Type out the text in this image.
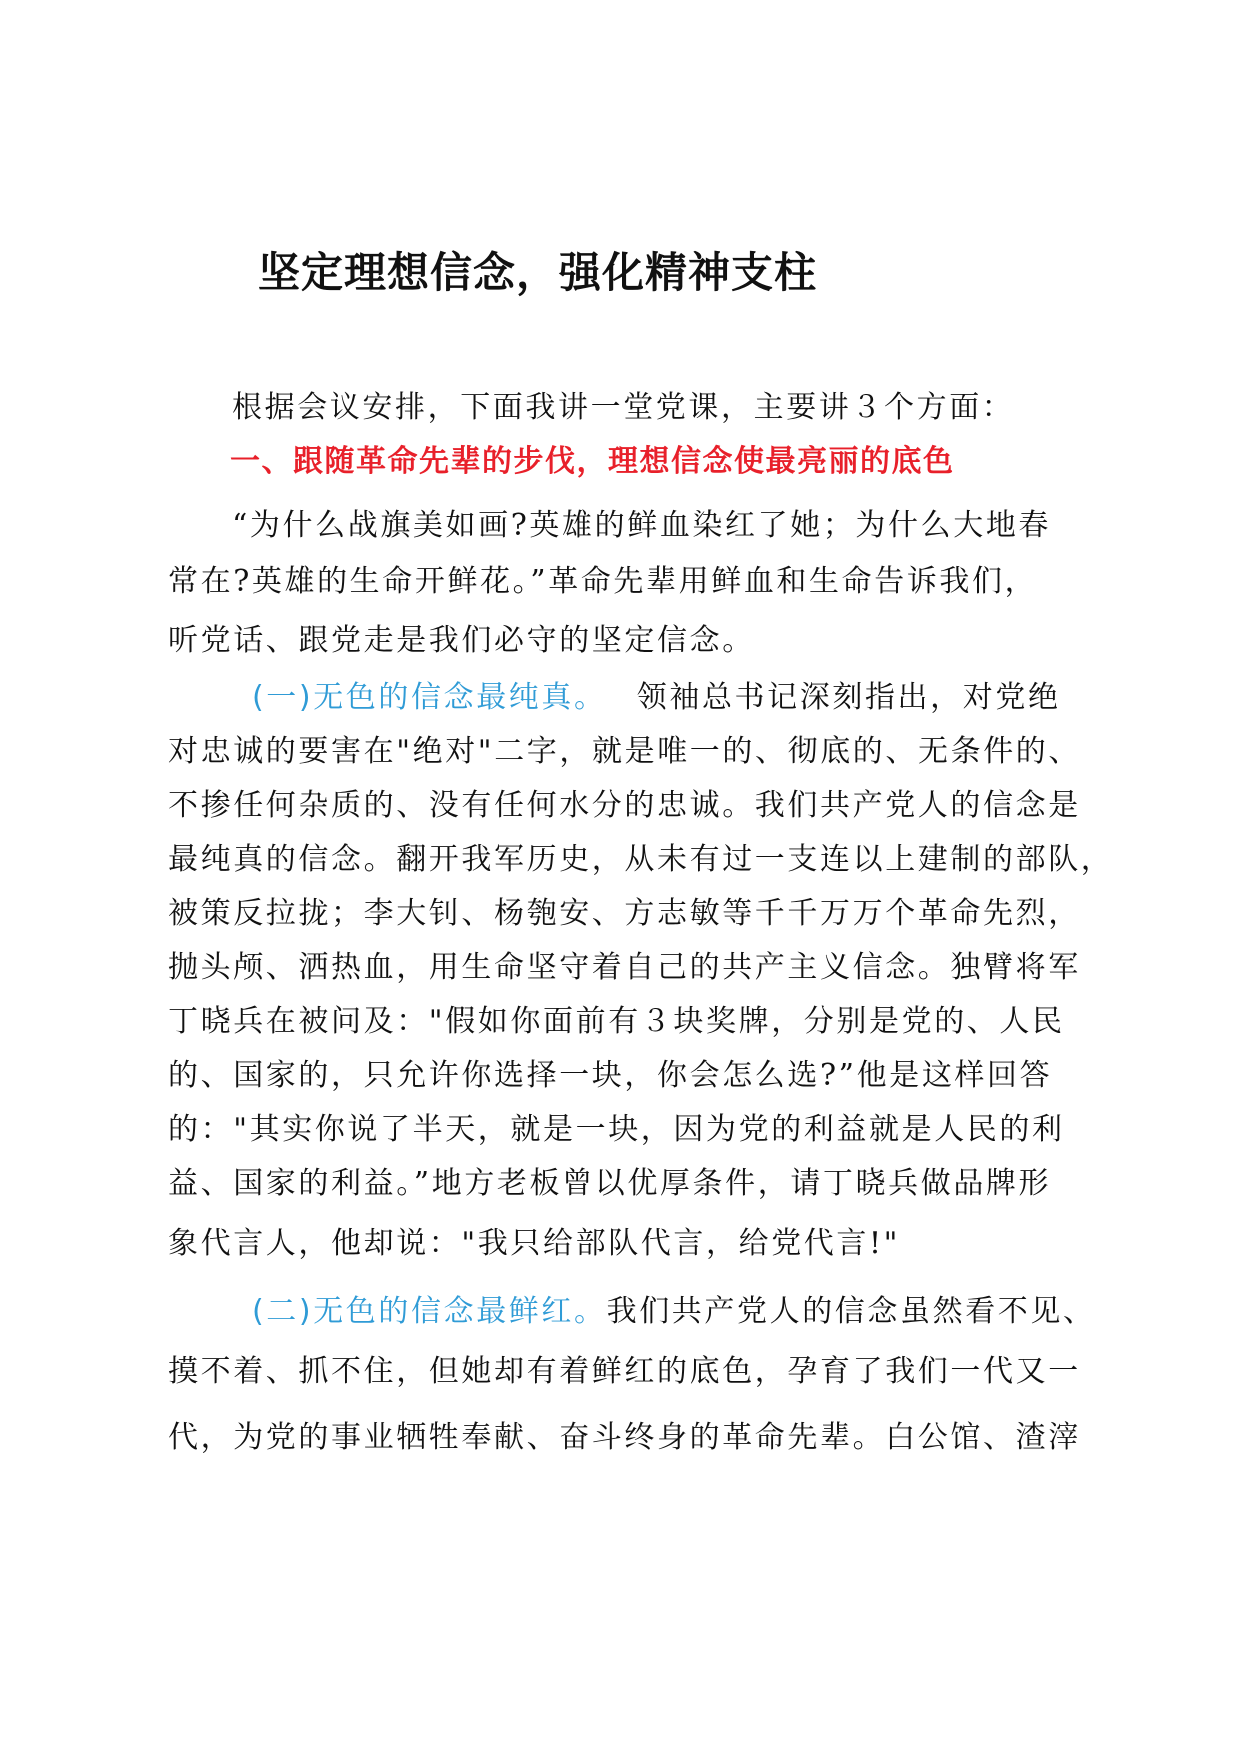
坚定理想信念，强化精神支柱

根据会议安排，下面我讲一堂党课，主要讲３个方面：

一、跟随革命先辈的步伐，理想信念使最亮丽的底色

“为什么战旗美如画?英雄的鲜血染红了她；为什么大地春

常在?英雄的生命开鲜花。”革命先辈用鲜血和生命告诉我们，

听党话、跟党走是我们必守的坚定信念。

(一)无色的信念最纯真。 领袖总书记深刻指出，对党绝

对忠诚的要害在"绝对"二字，就是唯一的、彻底的、无条件的、

不掺任何杂质的、没有任何水分的忠诚。我们共产党人的信念是

最纯真的信念。翻开我军历史，从未有过一支连以上建制的部队，

被策反拉拢；李大钊、杨匏安、方志敏等千千万万个革命先烈，

抛头颅、洒热血，用生命坚守着自己的共产主义信念。独臂将军

丁晓兵在被问及："假如你面前有３块奖牌，分别是党的、人民

的、国家的，只允许你选择一块，你会怎么选?”他是这样回答

的："其实你说了半天，就是一块，因为党的利益就是人民的利

益、国家的利益。”地方老板曾以优厚条件，请丁晓兵做品牌形

象代言人，他却说："我只给部队代言，给党代言!"

(二)无色的信念最鲜红。我们共产党人的信念虽然看不见、

摸不着、抓不住，但她却有着鲜红的底色，孕育了我们一代又一

代，为党的事业牺牲奉献、奋斗终身的革命先辈。白公馆、渣滓
